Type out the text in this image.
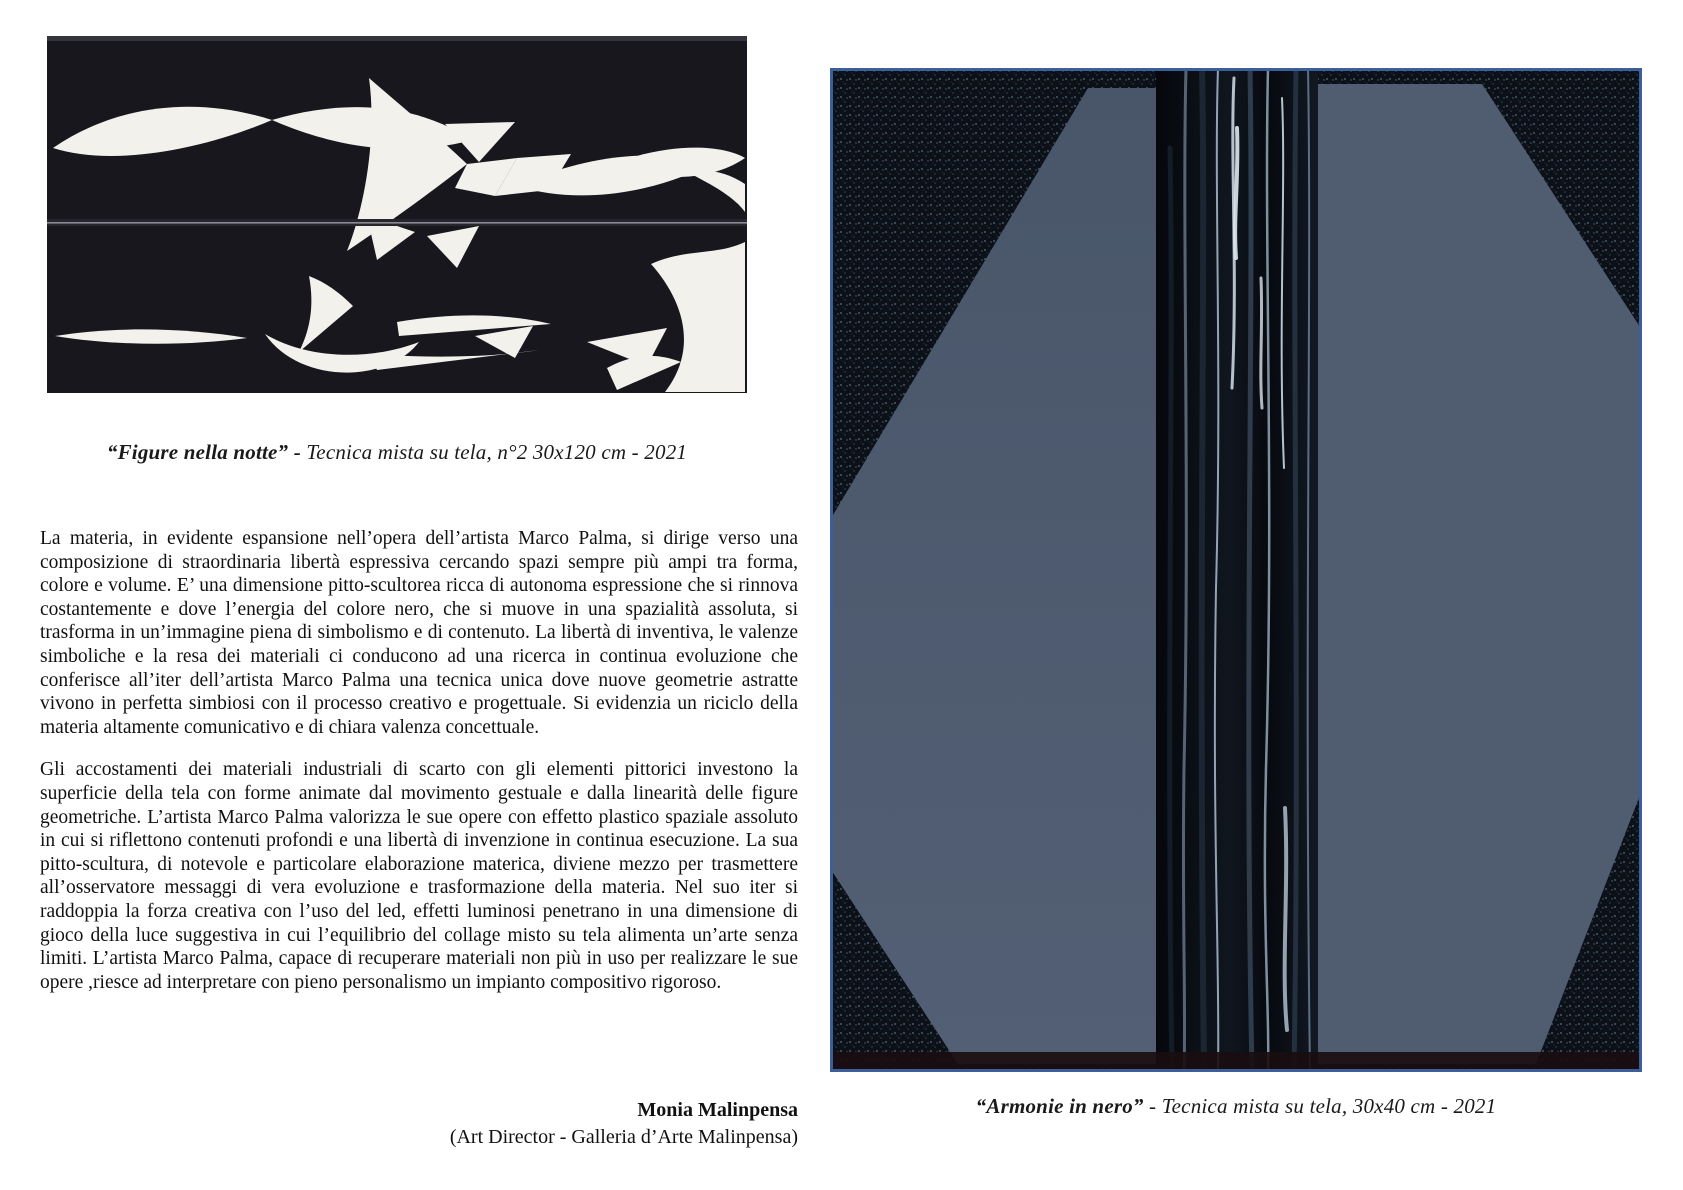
“Figure nella notte” - Tecnica mista su tela, n°2 30x120 cm - 2021

La materia, in evidente espansione nell’opera dell’artista Marco Palma, si dirige verso una composizione di straordinaria libertà espressiva cercando spazi sempre più ampi tra forma, colore e volume. E’ una dimensione pitto-scultorea ricca di autonoma espressione che si rinnova costantemente e dove l’energia del colore nero, che si muove in una spazialità assoluta, si trasforma in un’immagine piena di simbolismo e di contenuto. La libertà di inventiva, le valenze simboliche e la resa dei materiali ci conducono ad una ricerca in continua evoluzione che conferisce all’iter dell’artista Marco Palma una tecnica unica dove nuove geometrie astratte vivono in perfetta simbiosi con il processo creativo e progettuale. Si evidenzia un riciclo della materia altamente comunicativo e di chiara valenza concettuale.

Gli accostamenti dei materiali industriali di scarto con gli elementi pittorici investono la superficie della tela con forme animate dal movimento gestuale e dalla linearità delle figure geometriche. L’artista Marco Palma valorizza le sue opere con effetto plastico spaziale assoluto in cui si riflettono contenuti profondi e una libertà di invenzione in continua esecuzione. La sua pitto-scultura, di notevole e particolare elaborazione materica, diviene mezzo per trasmettere all’osservatore messaggi di vera evoluzione e trasformazione della materia. Nel suo iter si raddoppia la forza creativa con l’uso del led, effetti luminosi penetrano in una dimensione di gioco della luce suggestiva in cui l’equilibrio del collage misto su tela alimenta un’arte senza limiti. L’artista Marco Palma, capace di recuperare materiali non più in uso per realizzare le sue opere ,riesce ad interpretare con pieno personalismo un impianto compositivo rigoroso.

Monia Malinpensa
(Art Director - Galleria d’Arte Malinpensa)
“Armonie in nero” - Tecnica mista su tela, 30x40 cm - 2021
